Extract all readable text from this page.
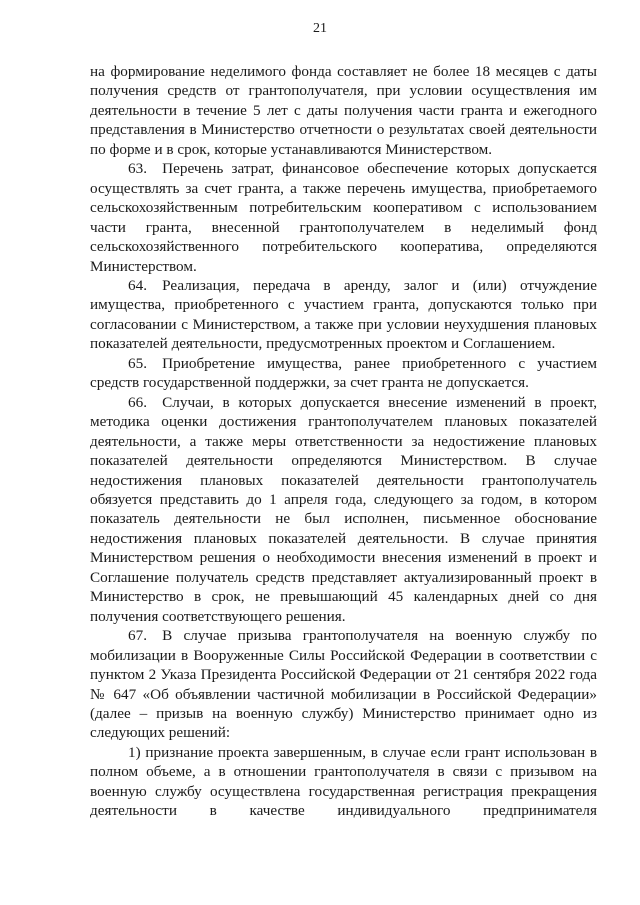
21

на формирование неделимого фонда составляет не более 18 месяцев с даты получения средств от грантополучателя, при условии осуществления им деятельности в течение 5 лет с даты получения части гранта и ежегодного представления в Министерство отчетности о результатах своей деятельности по форме и в срок, которые устанавливаются Министерством.

63. Перечень затрат, финансовое обеспечение которых допускается осуществлять за счет гранта, а также перечень имущества, приобретаемого сельскохозяйственным потребительским кооперативом с использованием части гранта, внесенной грантополучателем в неделимый фонд сельскохозяйственного потребительского кооператива, определяются Министерством.

64. Реализация, передача в аренду, залог и (или) отчуждение имущества, приобретенного с участием гранта, допускаются только при согласовании с Министерством, а также при условии неухудшения плановых показателей деятельности, предусмотренных проектом и Соглашением.

65. Приобретение имущества, ранее приобретенного с участием средств государственной поддержки, за счет гранта не допускается.

66. Случаи, в которых допускается внесение изменений в проект, методика оценки достижения грантополучателем плановых показателей деятельности, а также меры ответственности за недостижение плановых показателей деятельности определяются Министерством. В случае недостижения плановых показателей деятельности грантополучатель обязуется представить до 1 апреля года, следующего за годом, в котором показатель деятельности не был исполнен, письменное обоснование недостижения плановых показателей деятельности. В случае принятия Министерством решения о необходимости внесения изменений в проект и Соглашение получатель средств представляет актуализированный проект в Министерство в срок, не превышающий 45 календарных дней со дня получения соответствующего решения.

67. В случае призыва грантополучателя на военную службу по мобилизации в Вооруженные Силы Российской Федерации в соответствии с пунктом 2 Указа Президента Российской Федерации от 21 сентября 2022 года № 647 «Об объявлении частичной мобилизации в Российской Федерации» (далее – призыв на военную службу) Министерство принимает одно из следующих решений:

1) признание проекта завершенным, в случае если грант использован в полном объеме, а в отношении грантополучателя в связи с призывом на военную службу осуществлена государственная регистрация прекращения деятельности в качестве индивидуального предпринимателя
